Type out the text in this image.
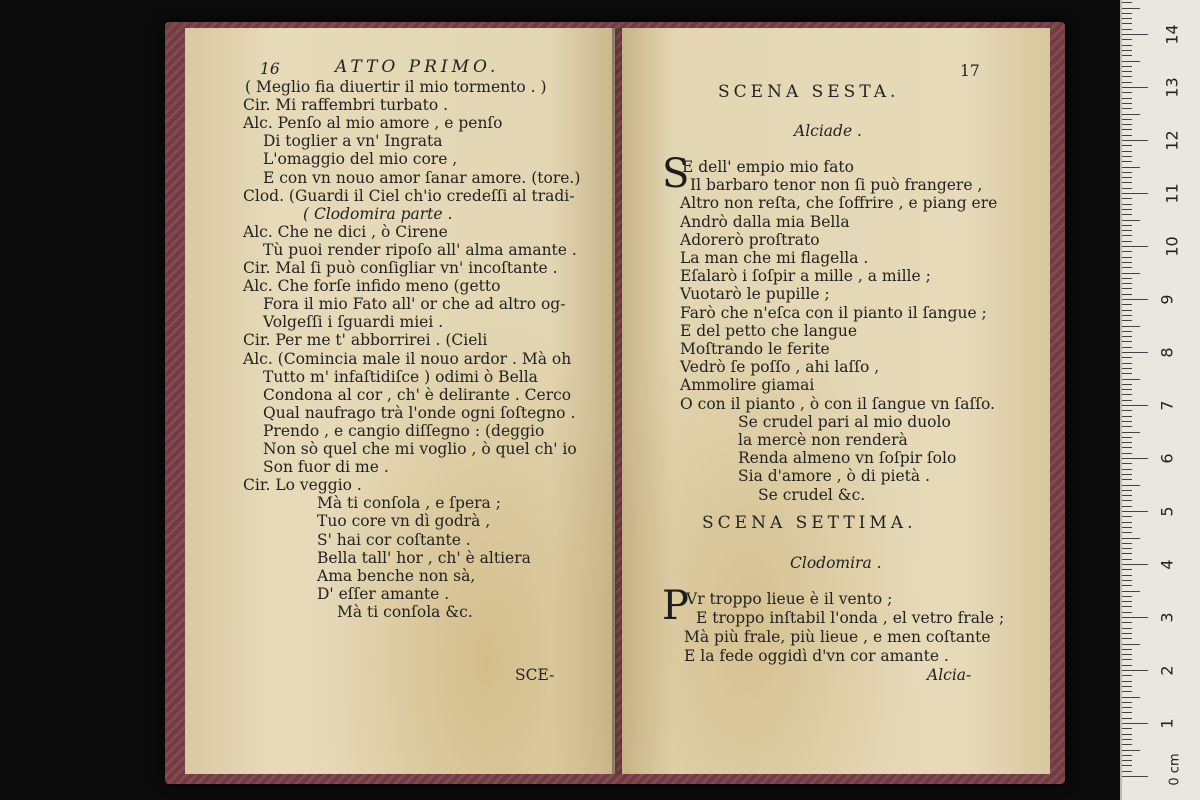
16	ATTO PRIMO.
( Meglio fia diuertir il mio tormento . )
Cir. Mi raffembri turbato .
Alc. Penſo al mio amore , e penſo
Di toglier a vn' Ingrata
L'omaggio del mio core ,
E con vn nouo amor ſanar amore. (tore.)
Clod. (Guardi il Ciel ch'io credeſſi al tradi-
( Clodomira parte .
Alc. Che ne dici , ò Cirene
Tù puoi render ripoſo all' alma amante .
Cir. Mal ſi può conſigliar vn' incoſtante .
Alc. Che forſe infido meno (getto
Fora il mio Fato all' or che ad altro og-
Volgeſſi i ſguardi miei .
Cir. Per me t' abborrirei . (Cieli
Alc. (Comincia male il nouo ardor . Mà oh
Tutto m' infaſtidiſce ) odimi ò Bella
Condona al cor , ch' è delirante . Cerco
Qual naufrago trà l'onde ogni ſoſtegno .
Prendo , e cangio diſſegno : (deggio
Non sò quel che mi voglio , ò quel ch' io
Son fuor di me .
Cir. Lo veggio .
Mà ti conſola , e ſpera ;
Tuo core vn dì godrà ,
S' hai cor coſtante .
Bella tall' hor , ch' è altiera
Ama benche non sà,
D' eſſer amante .
Mà ti conſola &c.
SCE-
17
SCENA SESTA.
Alciade .
S
E dell' empio mio fato
Il barbaro tenor non ſi può frangere ,
Altro non reſta, che ſoffrire , e piang ere
Andrò dalla mia Bella
Adorerò proſtrato
La man che mi flagella .
Eſalarò i ſoſpir a mille , a mille ;
Vuotarò le pupille ;
Farò che n'eſca con il pianto il ſangue ;
E del petto che langue
Moſtrando le ferite
Vedrò ſe poſſo , ahi laſſo ,
Ammolire giamai
O con il pianto , ò con il ſangue vn ſaſſo.
Se crudel pari al mio duolo
la mercè non renderà
Renda almeno vn ſoſpir ſolo
Sia d'amore , ò di pietà .
Se crudel &c.
SCENA SETTIMA.
Clodomira .
P
Vr troppo lieue è il vento ;
E troppo inſtabil l'onda , el vetro frale ;
Mà più frale, più lieue , e men coſtante
E la fede oggidì d'vn cor amante .
Alcia-
14
13
12
11
10
9
8
7
6
5
4
3
2
1
0 cm
